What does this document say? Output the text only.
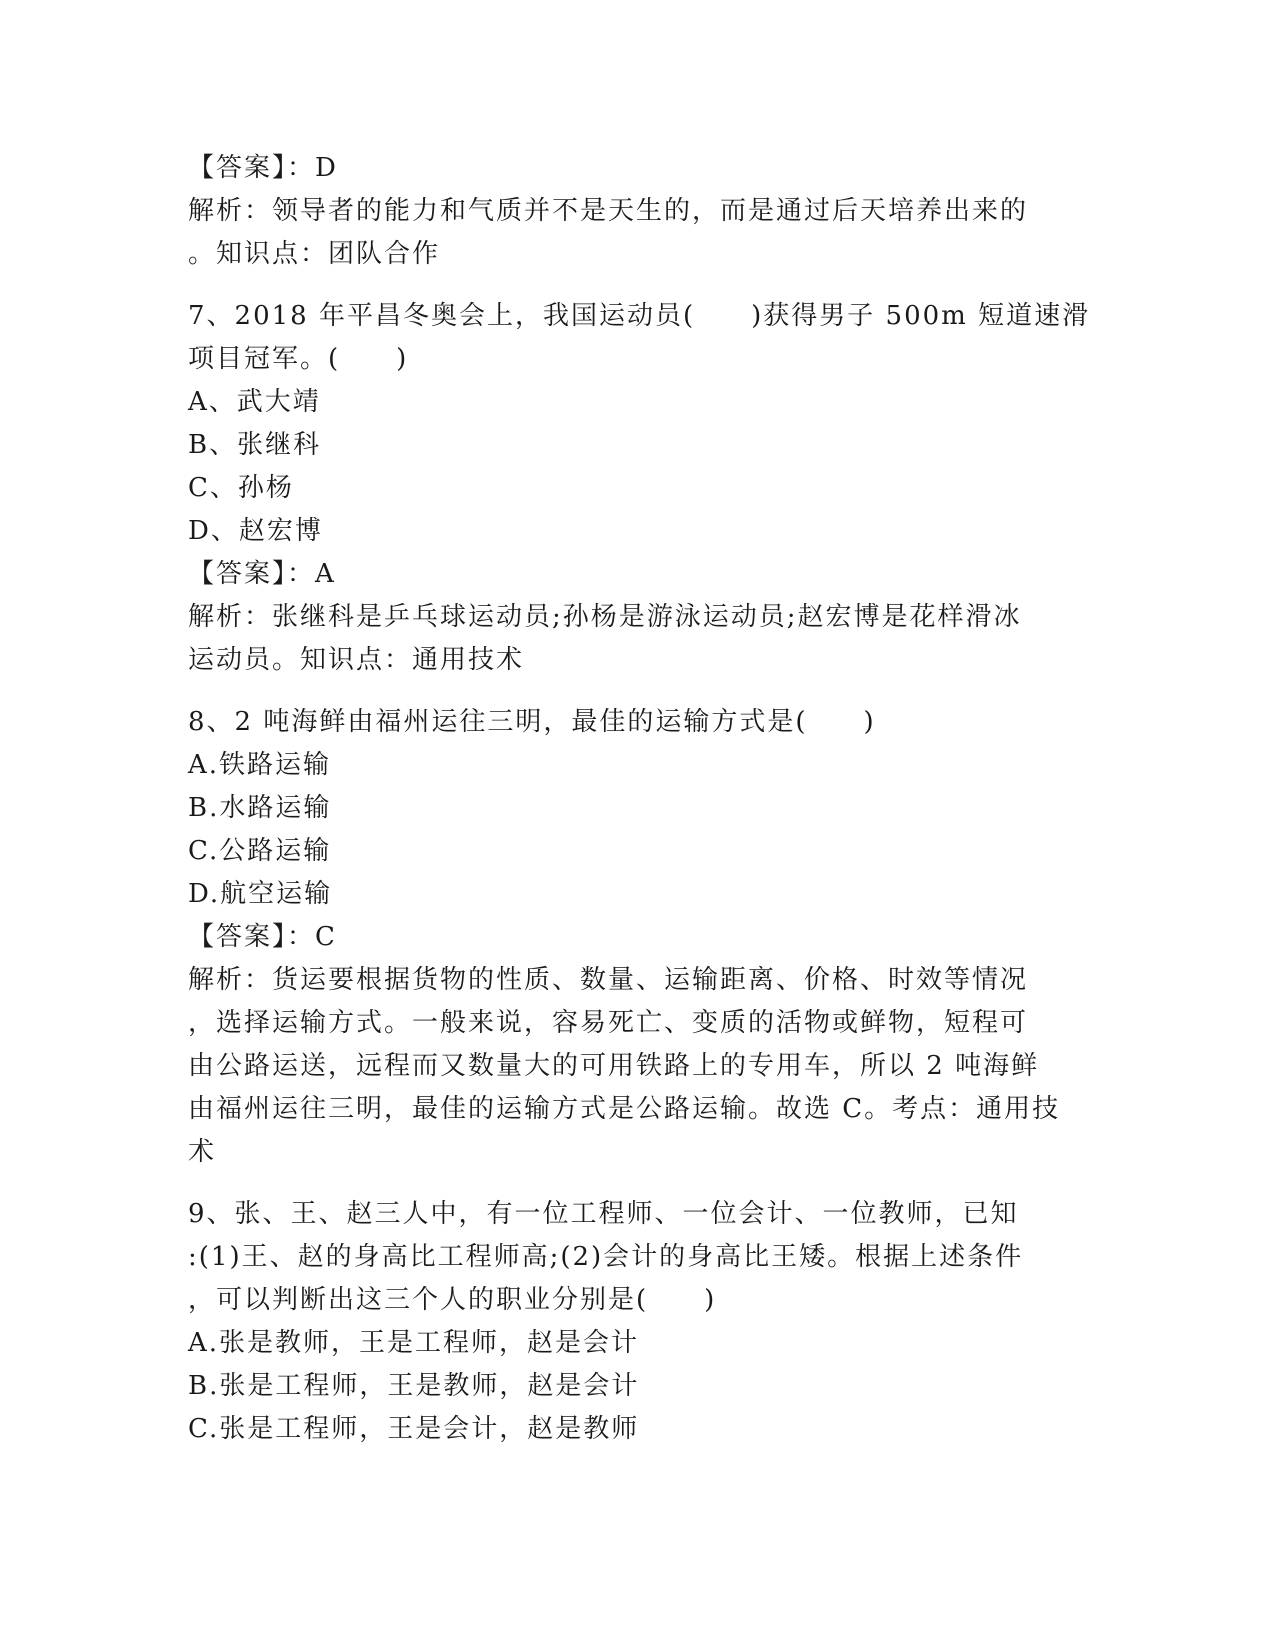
【答案】：D
解析：领导者的能力和气质并不是天生的，而是通过后天培养出来的
。知识点：团队合作
7、2018 年平昌冬奥会上，我国运动员(　　)获得男子 500m 短道速滑
项目冠军。(　　)
A、武大靖
B、张继科
C、孙杨
D、赵宏博
【答案】：A
解析：张继科是乒乓球运动员;孙杨是游泳运动员;赵宏博是花样滑冰
运动员。知识点：通用技术
8、2 吨海鲜由福州运往三明，最佳的运输方式是(　　)
A.铁路运输
B.水路运输
C.公路运输
D.航空运输
【答案】：C
解析：货运要根据货物的性质、数量、运输距离、价格、时效等情况
，选择运输方式。一般来说，容易死亡、变质的活物或鲜物，短程可
由公路运送，远程而又数量大的可用铁路上的专用车，所以 2 吨海鲜
由福州运往三明，最佳的运输方式是公路运输。故选 C。考点：通用技
术
9、张、王、赵三人中，有一位工程师、一位会计、一位教师，已知
:(1)王、赵的身高比工程师高;(2)会计的身高比王矮。根据上述条件
，可以判断出这三个人的职业分别是(　　)
A.张是教师，王是工程师，赵是会计
B.张是工程师，王是教师，赵是会计
C.张是工程师，王是会计，赵是教师
